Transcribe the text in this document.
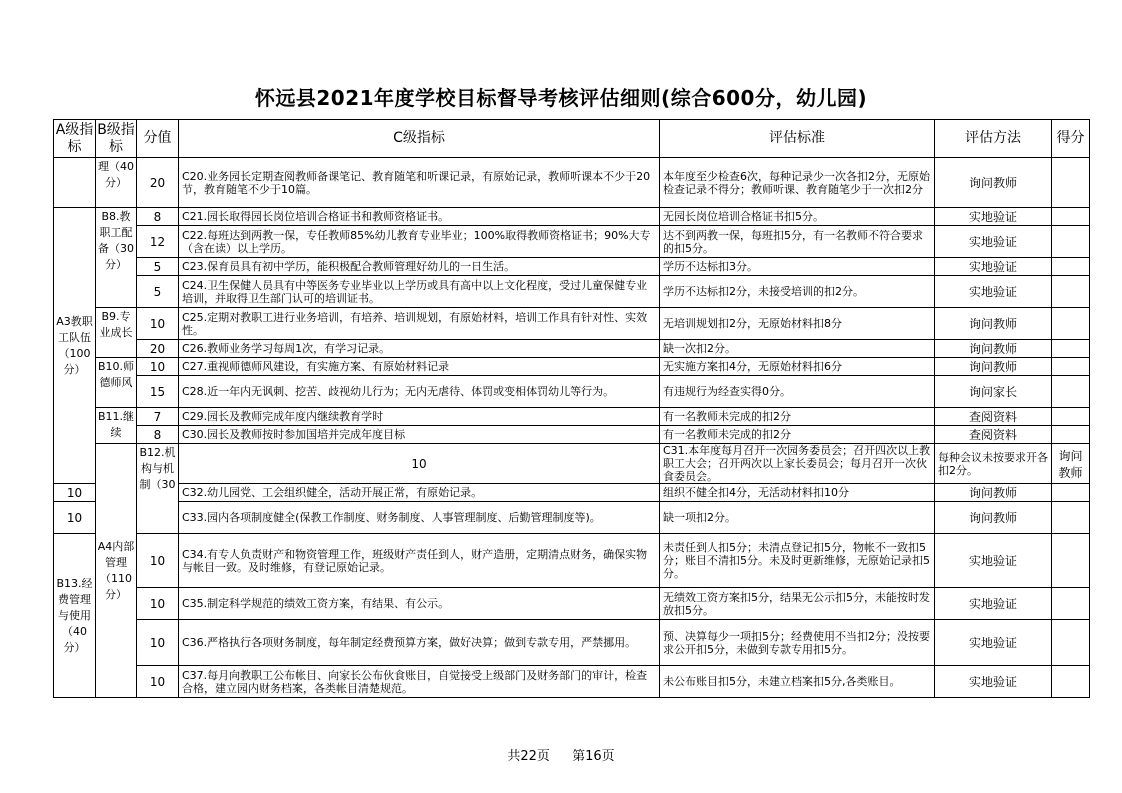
怀远县2021年度学校目标督导考核评估细则(综合600分，幼儿园)
A级指标	B级指标	分值	C级指标	评估标准	评估方法	得分	
	理（40分）	20	C20.业务园长定期查阅教师备课笔记、教育随笔和听课记录，有原始记录，教师听课本不少于20节，教育随笔不少于10篇。	本年度至少检查6次，每种记录少一次各扣2分，无原始检查记录不得分；教师听课、教育随笔少于一次扣2分	询问教师		
A3教职工队伍（100分）	B8.教职工配备（30分）	8	C21.园长取得园长岗位培训合格证书和教师资格证书。	无园长岗位培训合格证书扣5分。	实地验证		
		12	C22.每班达到两教一保，专任教师85%幼儿教育专业毕业；100%取得教师资格证书；90%大专（含在读）以上学历。	达不到两教一保，每班扣5分，有一名教师不符合要求的扣5分。	实地验证		
		5	C23.保育员具有初中学历，能积极配合教师管理好幼儿的一日生活。	学历不达标扣3分。	实地验证		
		5	C24.卫生保健人员具有中等医务专业毕业以上学历或具有高中以上文化程度，受过儿童保健专业培训，并取得卫生部门认可的培训证书。	学历不达标扣2分，未接受培训的扣2分。	实地验证		
	B9.专业成长	10	C25.定期对教职工进行业务培训，有培养、培训规划，有原始材料，培训工作具有针对性、实效性。	无培训规划扣2分，无原始材料扣8分	询问教师		
		20	C26.教师业务学习每周1次，有学习记录。	缺一次扣2分。	询问教师		
	B10.师德师风	10	C27.重视师德师风建设，有实施方案、有原始材料记录	无实施方案扣4分，无原始材料扣6分	询问教师		
		15	C28.近一年内无讽刺、挖苦、歧视幼儿行为；无内无虐待、体罚或变相体罚幼儿等行为。	有违规行为经查实得0分。	询问家长		
	B11.继续	7	C29.园长及教师完成年度内继续教育学时	有一名教师未完成的扣2分	查阅资料		
		8	C30.园长及教师按时参加国培并完成年度目标	有一名教师未完成的扣2分	查阅资料		
	A4内部管理（110分）	B12.机构与机制（30	10	C31.本年度每月召开一次园务委员会；召开四次以上教职工大会；召开两次以上家长委员会；每月召开一次伙食委员会。	每种会议未按要求开各扣2分。	询问教师	
10			C32.幼儿园党、工会组织健全，活动开展正常，有原始记录。	组织不健全扣4分，无活动材料扣10分	询问教师		
10			C33.园内各项制度健全(保教工作制度、财务制度、人事管理制度、后勤管理制度等)。	缺一项扣2分。	询问教师		
B13.经费管理与使用（40分）		10	C34.有专人负责财产和物资管理工作，班级财产责任到人，财产造册，定期清点财务，确保实物与帐目一致。及时维修，有登记原始记录。	未责任到人扣5分；未清点登记扣5分，物帐不一致扣5分；账目不清扣5分。未及时更新维修，无原始记录扣5分。	实地验证		
		10	C35.制定科学规范的绩效工资方案，有结果、有公示。	无绩效工资方案扣5分，结果无公示扣5分，未能按时发放扣5分。	实地验证		
		10	C36.严格执行各项财务制度，每年制定经费预算方案，做好决算；做到专款专用，严禁挪用。	预、决算每少一项扣5分；经费使用不当扣2分；没按要求公开扣5分，未做到专款专用扣5分。	实地验证		
		10	C37.每月向教职工公布帐目、向家长公布伙食账目，自觉接受上级部门及财务部门的审计，检查合格，建立园内财务档案，各类帐目清楚规范。	未公布账目扣5分，未建立档案扣5分,各类账目。	实地验证		
共22页 第16页
